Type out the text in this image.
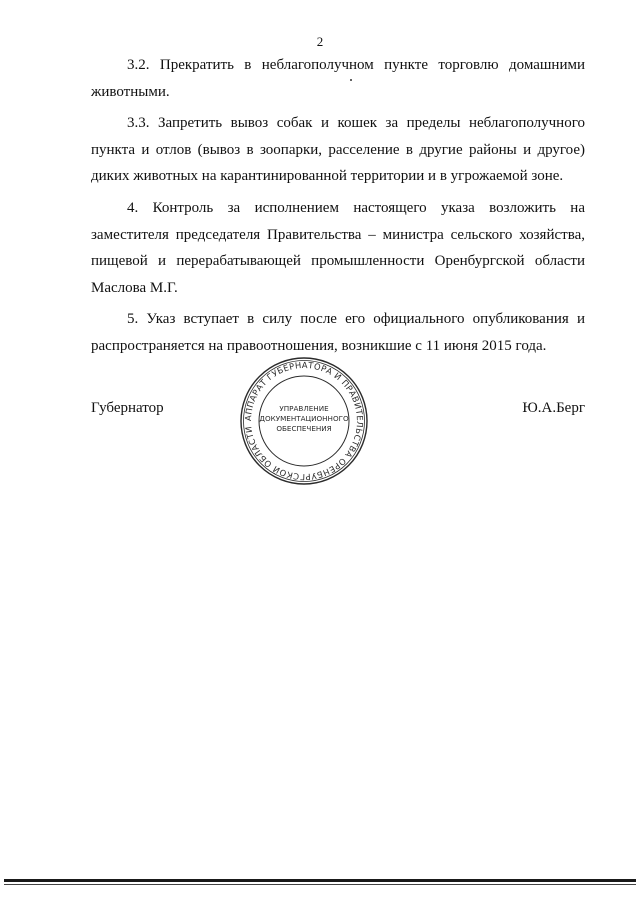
2

3.2. Прекратить в неблагополучном пункте торговлю домашними животными.

3.3. Запретить вывоз собак и кошек за пределы неблагополучного пункта и отлов (вывоз в зоопарки, расселение в другие районы и другое) диких животных на карантинированной территории и в угрожаемой зоне.

4. Контроль за исполнением настоящего указа возложить на заместителя председателя Правительства – министра сельского хозяйства, пищевой и перерабатывающей промышленности Оренбургской области Маслова М.Г.

5. Указ вступает в силу после его официального опубликования и распространяется на правоотношения, возникшие с 11 июня 2015 года.

Губернатор	Ю.А.Берг
АППАРАТ ГУБЕРНАТОРА И ПРАВИТЕЛЬСТВА ОРЕНБУРГСКОЙ ОБЛАСТИ
УПРАВЛЕНИЕ
ДОКУМЕНТАЦИОННОГО
ОБЕСПЕЧЕНИЯ
